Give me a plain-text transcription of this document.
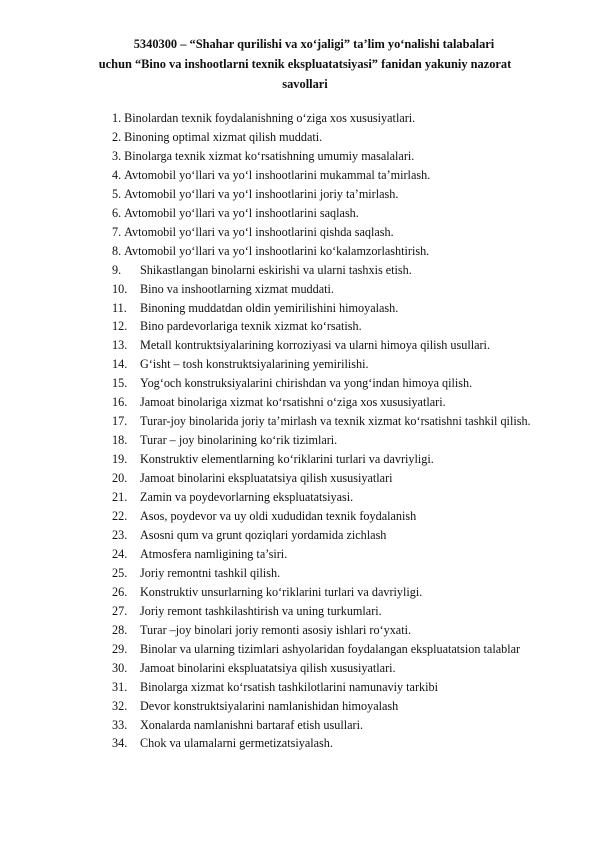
5340300 – “Shahar qurilishi va xo‘jaligi” ta’lim yo‘nalishi talabalari
uchun “Bino va inshootlarni texnik ekspluatatsiyasi” fanidan yakuniy nazorat
savollari
1. Binolardan texnik foydalanishning o‘ziga xos xususiyatlari.
2. Binoning optimal xizmat qilish muddati.
3. Binolarga texnik xizmat ko‘rsatishning umumiy masalalari.
4. Avtomobil yo‘llari va yo‘l inshootlarini mukammal ta’mirlash.
5. Avtomobil yo‘llari va yo‘l inshootlarini joriy ta’mirlash.
6. Avtomobil yo‘llari va yo‘l inshootlarini saqlash.
7. Avtomobil yo‘llari va yo‘l inshootlarini qishda saqlash.
8. Avtomobil yo‘llari va yo‘l inshootlarini ko‘kalamzorlashtirish.
9.	Shikastlangan binolarni eskirishi va ularni tashxis etish.
10.	Bino va inshootlarning xizmat muddati.
11.	Binoning muddatdan oldin yemirilishini himoyalash.
12.	Bino pardevorlariga texnik xizmat ko‘rsatish.
13.	Metall kontruktsiyalarining korroziyasi va ularni himoya qilish usullari.
14.	G‘isht – tosh konstruktsiyalarining yemirilishi.
15.	Yog‘och konstruksiyalarini chirishdan va yong‘indan himoya qilish.
16.	Jamoat binolariga xizmat ko‘rsatishni o‘ziga xos xususiyatlari.
17.	Turar-joy binolarida joriy ta’mirlash va texnik xizmat ko‘rsatishni tashkil qilish.
18.	Turar – joy binolarining ko‘rik tizimlari.
19.	Konstruktiv elementlarning ko‘riklarini turlari va davriyligi.
20.	Jamoat binolarini ekspluatatsiya qilish xususiyatlari
21.	Zamin va poydevorlarning ekspluatatsiyasi.
22.	Asos, poydevor va uy oldi xududidan texnik foydalanish
23.	Asosni qum va grunt qoziqlari yordamida zichlash
24.	Atmosfera namligining ta’siri.
25.	Joriy remontni tashkil qilish.
26.	Konstruktiv unsurlarning ko‘riklarini turlari va davriyligi.
27.	Joriy remont tashkilashtirish va uning turkumlari.
28.	Turar –joy binolari joriy remonti asosiy ishlari ro‘yxati.
29.	Binolar va ularning tizimlari ashyolaridan foydalangan ekspluatatsion talablar
30.	Jamoat binolarini ekspluatatsiya qilish xususiyatlari.
31.	Binolarga xizmat ko‘rsatish tashkilotlarini namunaviy tarkibi
32.	Devor konstruktsiyalarini namlanishidan himoyalash
33.	Xonalarda namlanishni bartaraf etish usullari.
34.	Chok va ulamalarni germetizatsiyalash.
